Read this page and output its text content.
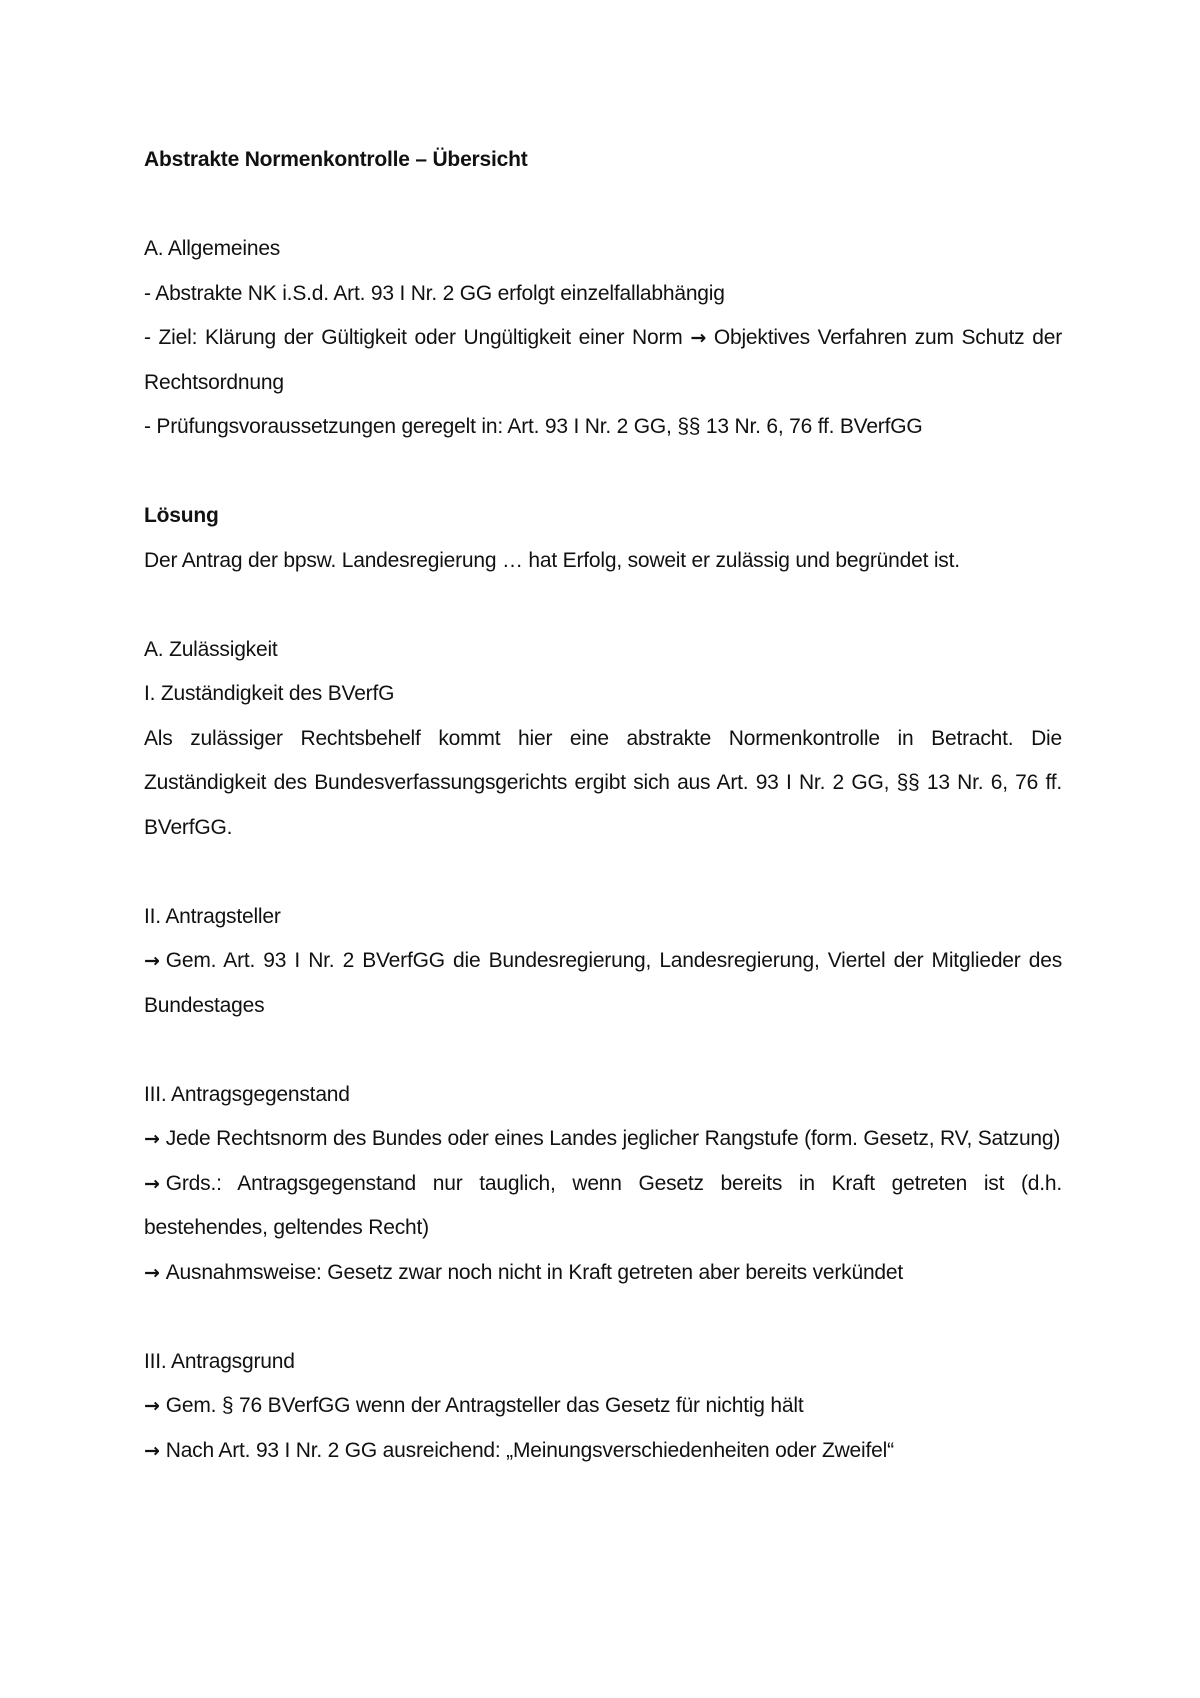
Abstrakte Normenkontrolle – Übersicht
A. Allgemeines
- Abstrakte NK i.S.d. Art. 93 I Nr. 2 GG erfolgt einzelfallabhängig
- Ziel: Klärung der Gültigkeit oder Ungültigkeit einer Norm → Objektives Verfahren zum Schutz der Rechtsordnung
- Prüfungsvoraussetzungen geregelt in: Art. 93 I Nr. 2 GG, §§ 13 Nr. 6, 76 ff. BVerfGG
Lösung
Der Antrag der bpsw. Landesregierung … hat Erfolg, soweit er zulässig und begründet ist.
A. Zulässigkeit
I. Zuständigkeit des BVerfG
Als zulässiger Rechtsbehelf kommt hier eine abstrakte Normenkontrolle in Betracht. Die Zuständigkeit des Bundesverfassungsgerichts ergibt sich aus Art. 93 I Nr. 2 GG, §§ 13 Nr. 6, 76 ff. BVerfGG.
II. Antragsteller
→ Gem. Art. 93 I Nr. 2 BVerfGG die Bundesregierung, Landesregierung, Viertel der Mitglieder des Bundestages
III. Antragsgegenstand
→ Jede Rechtsnorm des Bundes oder eines Landes jeglicher Rangstufe (form. Gesetz, RV, Satzung)
→ Grds.: Antragsgegenstand nur tauglich, wenn Gesetz bereits in Kraft getreten ist (d.h. bestehendes, geltendes Recht)
→ Ausnahmsweise: Gesetz zwar noch nicht in Kraft getreten aber bereits verkündet
III. Antragsgrund
→ Gem. § 76 BVerfGG wenn der Antragsteller das Gesetz für nichtig hält
→ Nach Art. 93 I Nr. 2 GG ausreichend: „Meinungsverschiedenheiten oder Zweifel“
